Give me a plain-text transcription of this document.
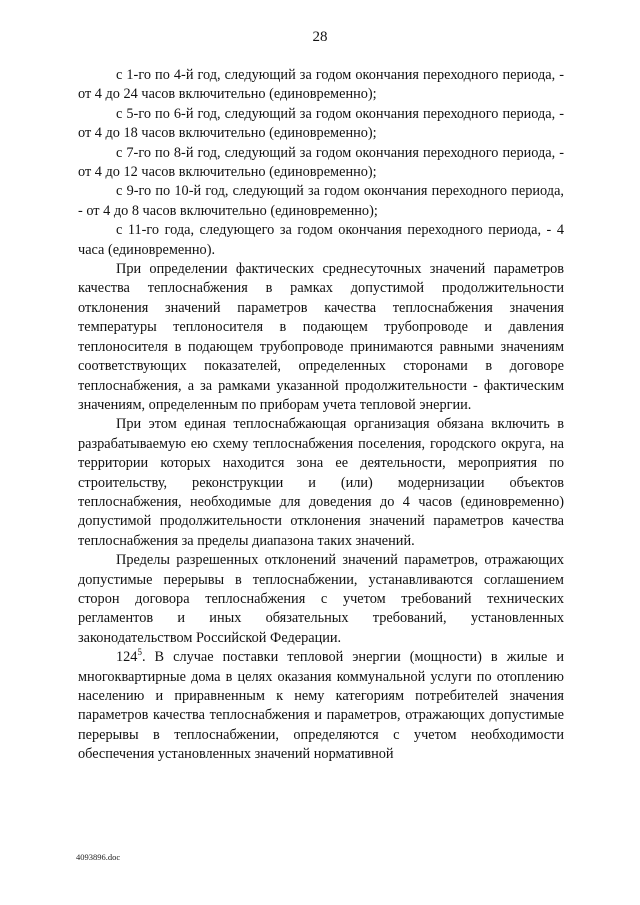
28

с 1-го по 4-й год, следующий за годом окончания переходного периода, - от 4 до 24 часов включительно (единовременно);

с 5-го по 6-й год, следующий за годом окончания переходного периода, - от 4 до 18 часов включительно (единовременно);

с 7-го по 8-й год, следующий за годом окончания переходного периода, - от 4 до 12 часов включительно (единовременно);

с 9-го по 10-й год, следующий за годом окончания переходного периода, - от 4 до 8 часов включительно (единовременно);

с 11-го года, следующего за годом окончания переходного периода, - 4 часа (единовременно).

При определении фактических среднесуточных значений параметров качества теплоснабжения в рамках допустимой продолжительности отклонения значений параметров качества теплоснабжения значения температуры теплоносителя в подающем трубопроводе и давления теплоносителя в подающем трубопроводе принимаются равными значениям соответствующих показателей, определенных сторонами в договоре теплоснабжения, а за рамками указанной продолжительности - фактическим значениям, определенным по приборам учета тепловой энергии.

При этом единая теплоснабжающая организация обязана включить в разрабатываемую ею схему теплоснабжения поселения, городского округа, на территории которых находится зона ее деятельности, мероприятия по строительству, реконструкции и (или) модернизации объектов теплоснабжения, необходимые для доведения до 4 часов (единовременно) допустимой продолжительности отклонения значений параметров качества теплоснабжения за пределы диапазона таких значений.

Пределы разрешенных отклонений значений параметров, отражающих допустимые перерывы в теплоснабжении, устанавливаются соглашением сторон договора теплоснабжения с учетом требований технических регламентов и иных обязательных требований, установленных законодательством Российской Федерации.

$124^5$. В случае поставки тепловой энергии (мощности) в жилые и многоквартирные дома в целях оказания коммунальной услуги по отоплению населению и приравненным к нему категориям потребителей значения параметров качества теплоснабжения и параметров, отражающих допустимые перерывы в теплоснабжении, определяются с учетом необходимости обеспечения установленных значений нормативной

4093896.doc
